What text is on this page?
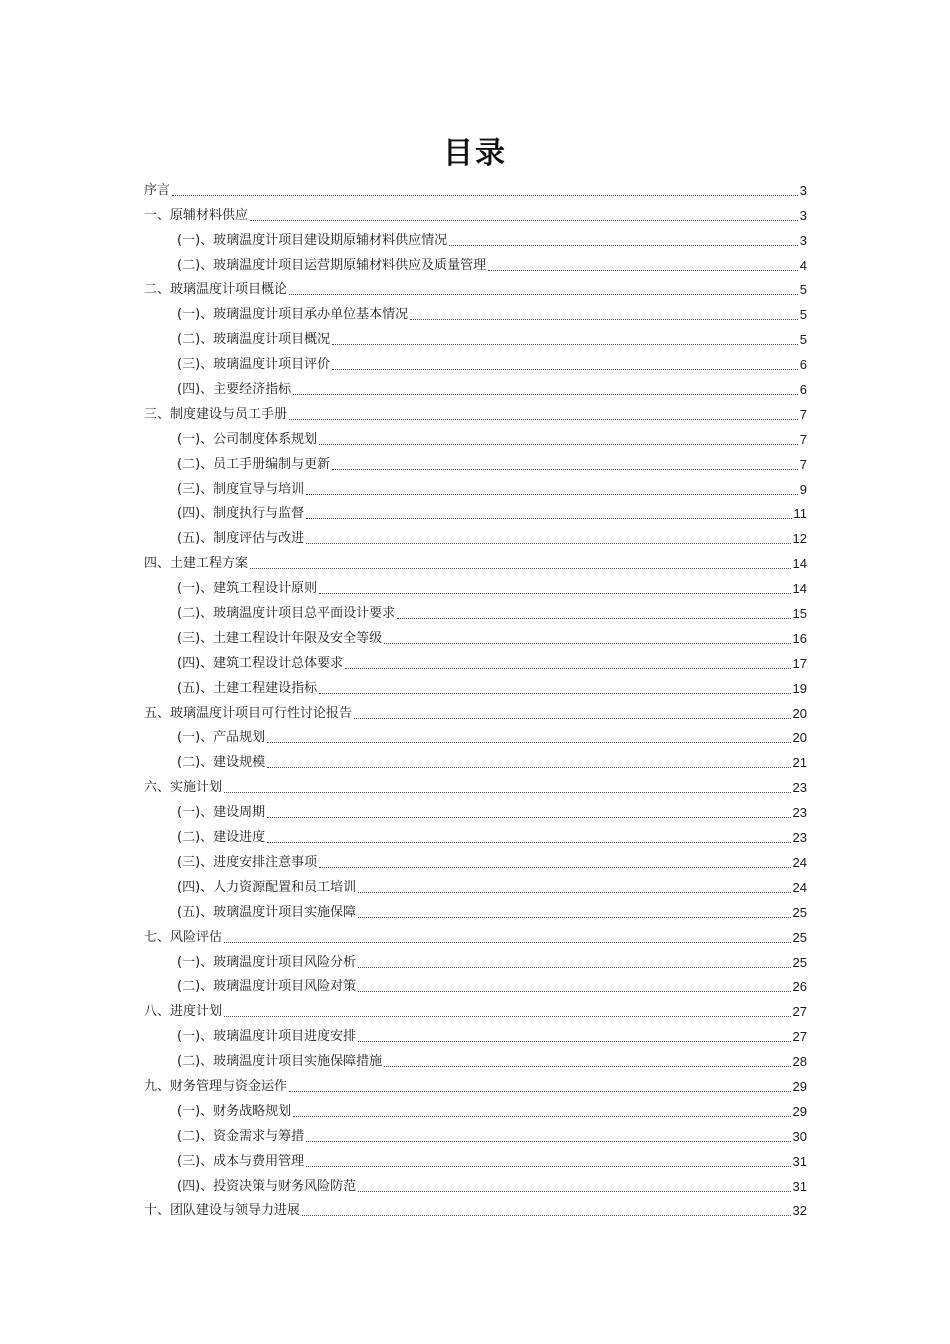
目录
序言	3
一、原辅材料供应	3
(一)、玻璃温度计项目建设期原辅材料供应情况	3
(二)、玻璃温度计项目运营期原辅材料供应及质量管理	4
二、玻璃温度计项目概论	5
(一)、玻璃温度计项目承办单位基本情况	5
(二)、玻璃温度计项目概况	5
(三)、玻璃温度计项目评价	6
(四)、主要经济指标	6
三、制度建设与员工手册	7
(一)、公司制度体系规划	7
(二)、员工手册编制与更新	7
(三)、制度宣导与培训	9
(四)、制度执行与监督	11
(五)、制度评估与改进	12
四、土建工程方案	14
(一)、建筑工程设计原则	14
(二)、玻璃温度计项目总平面设计要求	15
(三)、土建工程设计年限及安全等级	16
(四)、建筑工程设计总体要求	17
(五)、土建工程建设指标	19
五、玻璃温度计项目可行性讨论报告	20
(一)、产品规划	20
(二)、建设规模	21
六、实施计划	23
(一)、建设周期	23
(二)、建设进度	23
(三)、进度安排注意事项	24
(四)、人力资源配置和员工培训	24
(五)、玻璃温度计项目实施保障	25
七、风险评估	25
(一)、玻璃温度计项目风险分析	25
(二)、玻璃温度计项目风险对策	26
八、进度计划	27
(一)、玻璃温度计项目进度安排	27
(二)、玻璃温度计项目实施保障措施	28
九、财务管理与资金运作	29
(一)、财务战略规划	29
(二)、资金需求与筹措	30
(三)、成本与费用管理	31
(四)、投资决策与财务风险防范	31
十、团队建设与领导力进展	32
